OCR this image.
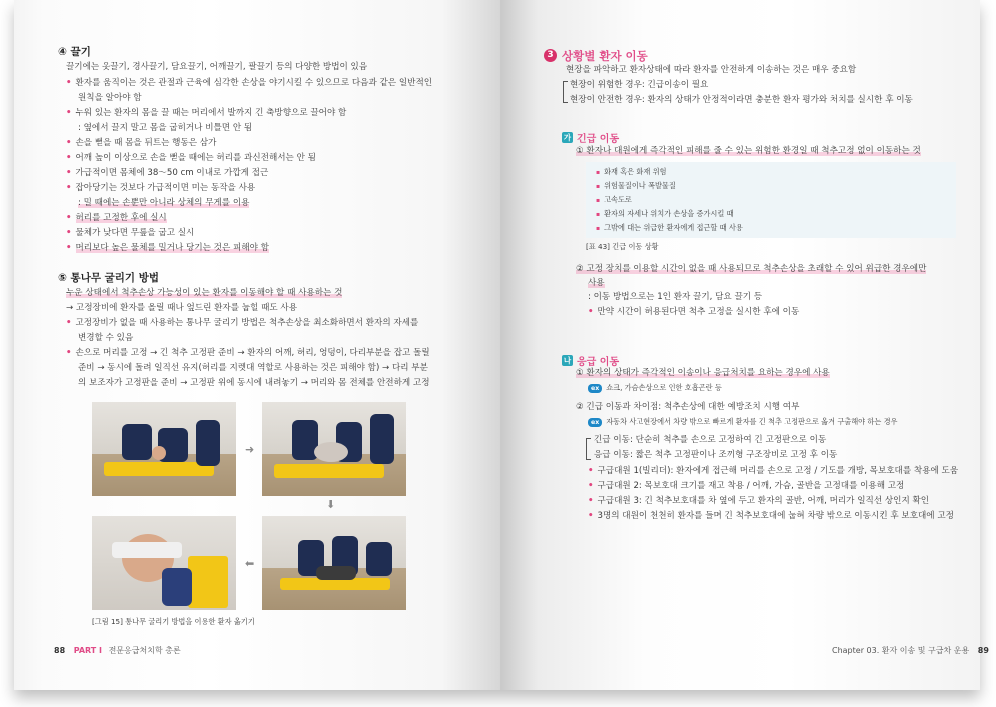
④ 끌기
끌기에는 옷끌기, 경사끌기, 담요끌기, 어깨끌기, 팔끌기 등의 다양한 방법이 있음
• 환자를 움직이는 것은 관절과 근육에 심각한 손상을 야기시킬 수 있으므로 다음과 같은 일반적인
원칙을 알아야 함
• 누워 있는 환자의 몸을 끌 때는 머리에서 발까지 긴 축방향으로 끌어야 함
: 옆에서 끌지 말고 몸을 굽히거나 비틀면 안 됨
• 손을 뻗을 때 몸을 뒤트는 행동은 삼가
• 어깨 높이 이상으로 손을 뻗을 때에는 허리를 과신전해서는 안 됨
• 가급적이면 몸체에 38～50 cm 이내로 가깝게 접근
• 잡아당기는 것보다 가급적이면 미는 동작을 사용
: 밀 때에는 손뿐만 아니라 상체의 무게를 이용
• 허리를 고정한 후에 실시
• 물체가 낮다면 무릎을 굽고 실시
• 머리보다 높은 물체를 밀거나 당기는 것은 피해야 함
⑤ 통나무 굴리기 방법
누운 상태에서 척추손상 가능성이 있는 환자를 이동해야 할 때 사용하는 것
→ 고정장비에 환자를 올릴 때나 엎드린 환자를 눕힐 때도 사용
• 고정장비가 없을 때 사용하는 통나무 굴리기 방법은 척추손상을 최소화하면서 환자의 자세를
변경할 수 있음
• 손으로 머리를 고정 → 긴 척추 고정판 준비 → 환자의 어깨, 허리, 엉덩이, 다리부분을 잡고 돌릴
준비 → 동시에 돌려 일직선 유지(허리를 지렛대 역할로 사용하는 것은 피해야 함) → 다리 부분
의 보조자가 고정판을 준비 → 고정판 위에 동시에 내려놓기 → 머리와 몸 전체를 안전하게 고정
➜
⬇
⬅
[그림 15] 통나무 굴리기 방법을 이용한 환자 옮기기
88 PART I 전문응급처치학 총론
3 상황별 환자 이동
현장을 파악하고 환자상태에 따라 환자를 안전하게 이송하는 것은 매우 중요함
현장이 위험한 경우: 긴급이송이 필요
현장이 안전한 경우: 환자의 상태가 안정적이라면 충분한 환자 평가와 처치를 실시한 후 이동
가 긴급 이동
① 환자나 대원에게 즉각적인 피해를 줄 수 있는 위험한 환경일 때 척추고정 없이 이동하는 것
▪ 화재 혹은 화재 위험
▪ 위험물질이나 폭발물질
▪ 고속도로
▪ 환자의 자세나 위치가 손상을 증가시킬 때
▪ 그밖에 대는 위급한 환자에게 접근할 때 사용
[표 43] 긴급 이동 상황
② 고정 장치를 이용할 시간이 없을 때 사용되므로 척추손상을 초래할 수 있어 위급한 경우에만
사용
: 이동 방법으로는 1인 환자 끌기, 담요 끌기 등
• 만약 시간이 허용된다면 척추 고정을 실시한 후에 이동
나 응급 이동
① 환자의 상태가 즉각적인 이송이나 응급처치를 요하는 경우에 사용
ex 쇼크, 가슴손상으로 인한 호흡곤란 등
② 긴급 이동과 차이점: 척추손상에 대한 예방조치 시행 여부
ex 자동차 사고현장에서 차량 밖으로 빠르게 환자를 긴 척추 고정판으로 옮겨 구출해야 하는 경우
긴급 이동: 단순히 척추를 손으로 고정하여 긴 고정판으로 이동
응급 이동: 짧은 척추 고정판이나 조끼형 구조장비로 고정 후 이동
• 구급대원 1(빌리더): 환자에게 접근해 머리를 손으로 고정 / 기도를 개방, 목보호대를 착용에 도움
• 구급대원 2: 목보호대 크기를 재고 착용 / 어깨, 가슴, 골반을 고정대를 이용해 고정
• 구급대원 3: 긴 척추보호대를 차 옆에 두고 환자의 골반, 어깨, 머리가 일직선 상인지 확인
• 3명의 대원이 천천히 환자를 들며 긴 척추보호대에 눕혀 차량 밖으로 이동시킨 후 보호대에 고정
Chapter 03. 환자 이송 및 구급차 운용 89
